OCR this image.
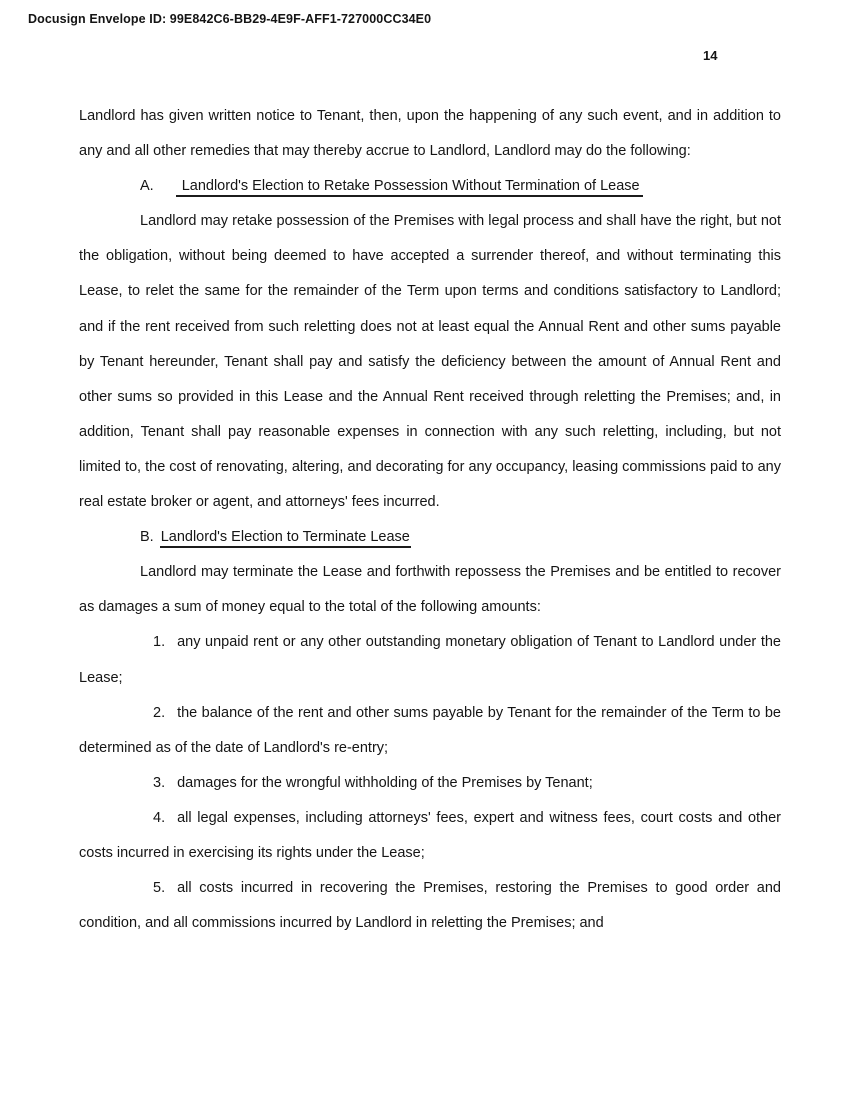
Docusign Envelope ID: 99E842C6-BB29-4E9F-AFF1-727000CC34E0
14

Landlord has given written notice to Tenant, then, upon the happening of any such event, and in addition to any and all other remedies that may thereby accrue to Landlord, Landlord may do the following:

A. Landlord's Election to Retake Possession Without Termination of Lease

Landlord may retake possession of the Premises with legal process and shall have the right, but not the obligation, without being deemed to have accepted a surrender thereof, and without terminating this Lease, to relet the same for the remainder of the Term upon terms and conditions satisfactory to Landlord; and if the rent received from such reletting does not at least equal the Annual Rent and other sums payable by Tenant hereunder, Tenant shall pay and satisfy the deficiency between the amount of Annual Rent and other sums so provided in this Lease and the Annual Rent received through reletting the Premises; and, in addition, Tenant shall pay reasonable expenses in connection with any such reletting, including, but not limited to, the cost of renovating, altering, and decorating for any occupancy, leasing commissions paid to any real estate broker or agent, and attorneys' fees incurred.

B. Landlord's Election to Terminate Lease

Landlord may terminate the Lease and forthwith repossess the Premises and be entitled to recover as damages a sum of money equal to the total of the following amounts:

1. any unpaid rent or any other outstanding monetary obligation of Tenant to Landlord under the Lease;

2. the balance of the rent and other sums payable by Tenant for the remainder of the Term to be determined as of the date of Landlord's re-entry;

3. damages for the wrongful withholding of the Premises by Tenant;

4. all legal expenses, including attorneys' fees, expert and witness fees, court costs and other costs incurred in exercising its rights under the Lease;

5. all costs incurred in recovering the Premises, restoring the Premises to good order and condition, and all commissions incurred by Landlord in reletting the Premises; and
